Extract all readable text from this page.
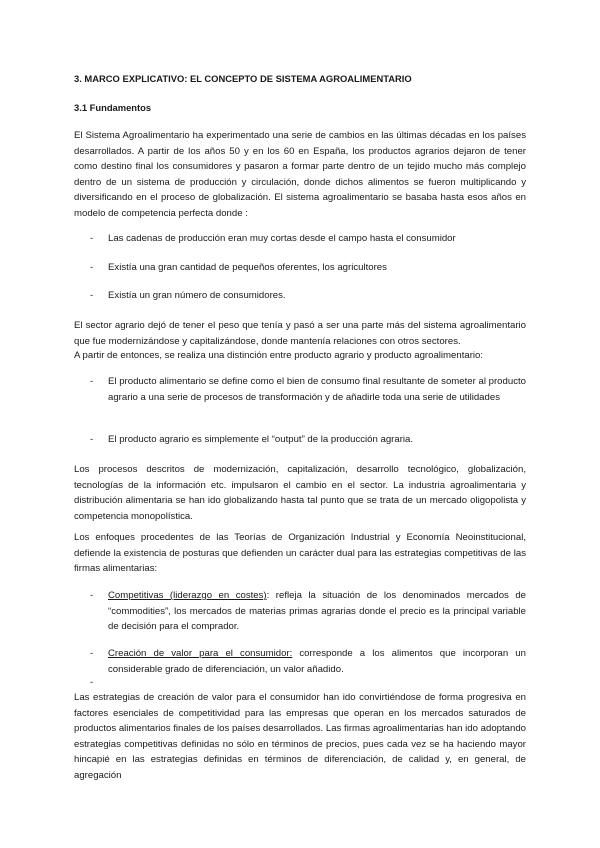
3. MARCO EXPLICATIVO: EL CONCEPTO DE SISTEMA AGROALIMENTARIO

3.1 Fundamentos

El Sistema Agroalimentario ha experimentado una serie de cambios en las últimas décadas en los países desarrollados. A partir de los años 50 y en los 60 en España, los productos agrarios dejaron de tener como destino final los consumidores y pasaron a formar parte dentro de un tejido mucho más complejo dentro de un sistema de producción y circulación, donde dichos alimentos se fueron multiplicando y diversificando en el proceso de globalización. El sistema agroalimentario se basaba hasta esos años en modelo de competencia perfecta donde :

- Las cadenas de producción eran muy cortas desde el campo hasta el consumidor

- Existía una gran cantidad de pequeños oferentes, los agricultores

- Existía un gran número de consumidores.

El sector agrario dejó de tener el peso que tenía y pasó a ser una parte más del sistema agroalimentario que fue modernizándose y capitalizándose, donde mantenía relaciones con otros sectores.

A partir de entonces, se realiza una distinción entre producto agrario y producto agroalimentario:

- El producto alimentario se define como el bien de consumo final resultante de someter al producto agrario a una serie de procesos de transformación y de añadirle toda una serie de utilidades

- El producto agrario es simplemente el “output” de la producción agraria.

Los procesos descritos de modernización, capitalización, desarrollo tecnológico, globalización, tecnologías de la información etc. impulsaron el cambio en el sector. La industria agroalimentaria y distribución alimentaria se han ido globalizando hasta tal punto que se trata de un mercado oligopolista y competencia monopolística.

Los enfoques procedentes de las Teorías de Organización Industrial y Economía Neoinstitucional, defiende la existencia de posturas que defienden un carácter dual para las estrategias competitivas de las firmas alimentarias:

- Competitivas (liderazgo en costes): refleja la situación de los denominados mercados de “commodities”, los mercados de materias primas agrarias donde el precio es la principal variable de decisión para el comprador.

- Creación de valor para el consumidor: corresponde a los alimentos que incorporan un considerable grado de diferenciación, un valor añadido.

-

Las estrategias de creación de valor para el consumidor han ido convirtiéndose de forma progresiva en factores esenciales de competitividad para las empresas que operan en los mercados saturados de productos alimentarios finales de los países desarrollados. Las firmas agroalimentarias han ido adoptando estrategias competitivas definidas no sólo en términos de precios, pues cada vez se ha haciendo mayor hincapié en las estrategias definidas en términos de diferenciación, de calidad y, en general, de agregación
